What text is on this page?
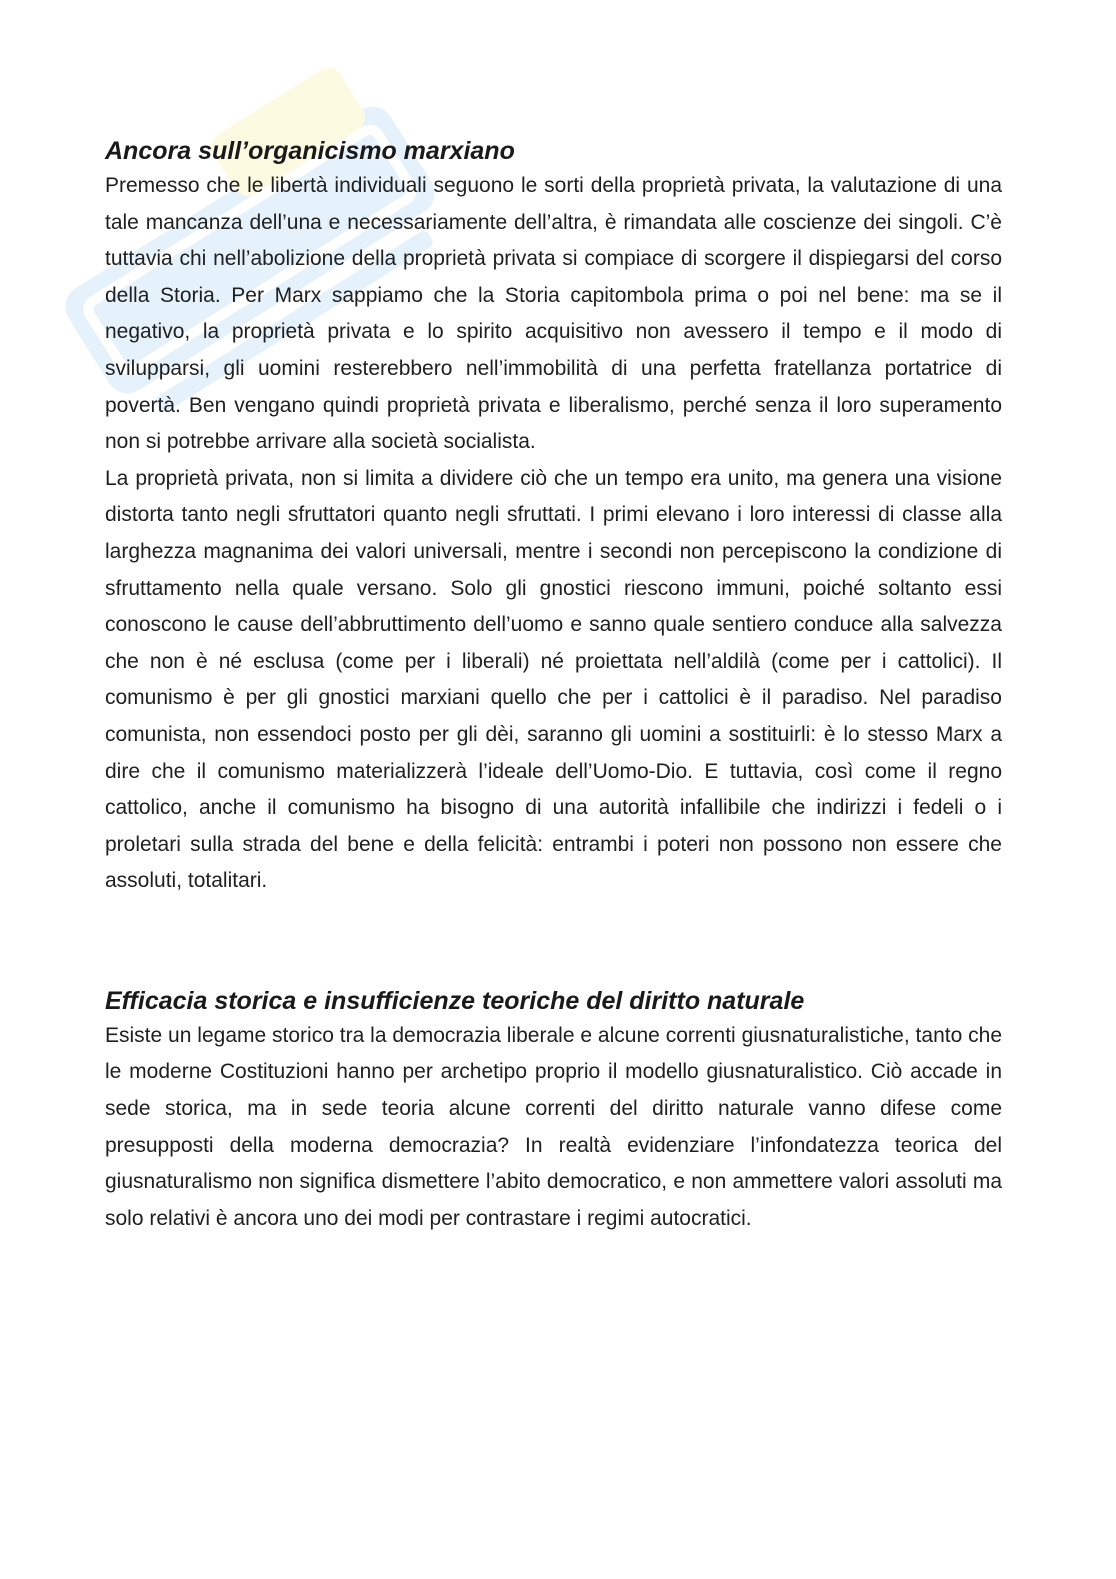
Ancora sull’organicismo marxiano

Premesso che le libertà individuali seguono le sorti della proprietà privata, la valutazione di una tale mancanza dell’una e necessariamente dell’altra, è rimandata alle coscienze dei singoli. C’è tuttavia chi nell’abolizione della proprietà privata si compiace di scorgere il dispiegarsi del corso della Storia. Per Marx sappiamo che la Storia capitombola prima o poi nel bene: ma se il negativo, la proprietà privata e lo spirito acquisitivo non avessero il tempo e il modo di svilupparsi, gli uomini resterebbero nell’immobilità di una perfetta fratellanza portatrice di povertà. Ben vengano quindi proprietà privata e liberalismo, perché senza il loro superamento non si potrebbe arrivare alla società socialista.

La proprietà privata, non si limita a dividere ciò che un tempo era unito, ma genera una visione distorta tanto negli sfruttatori quanto negli sfruttati. I primi elevano i loro interessi di classe alla larghezza magnanima dei valori universali, mentre i secondi non percepiscono la condizione di sfruttamento nella quale versano. Solo gli gnostici riescono immuni, poiché soltanto essi conoscono le cause dell’abbruttimento dell’uomo e sanno quale sentiero conduce alla salvezza che non è né esclusa (come per i liberali) né proiettata nell’aldilà (come per i cattolici). Il comunismo è per gli gnostici marxiani quello che per i cattolici è il paradiso. Nel paradiso comunista, non essendoci posto per gli dèi, saranno gli uomini a sostituirli: è lo stesso Marx a dire che il comunismo materializzerà l’ideale dell’Uomo-Dio. E tuttavia, così come il regno cattolico, anche il comunismo ha bisogno di una autorità infallibile che indirizzi i fedeli o i proletari sulla strada del bene e della felicità: entrambi i poteri non possono non essere che assoluti, totalitari.

Efficacia storica e insufficienze teoriche del diritto naturale

Esiste un legame storico tra la democrazia liberale e alcune correnti giusnaturalistiche, tanto che le moderne Costituzioni hanno per archetipo proprio il modello giusnaturalistico. Ciò accade in sede storica, ma in sede teoria alcune correnti del diritto naturale vanno difese come presupposti della moderna democrazia? In realtà evidenziare l’infondatezza teorica del giusnaturalismo non significa dismettere l’abito democratico, e non ammettere valori assoluti ma solo relativi è ancora uno dei modi per contrastare i regimi autocratici.
